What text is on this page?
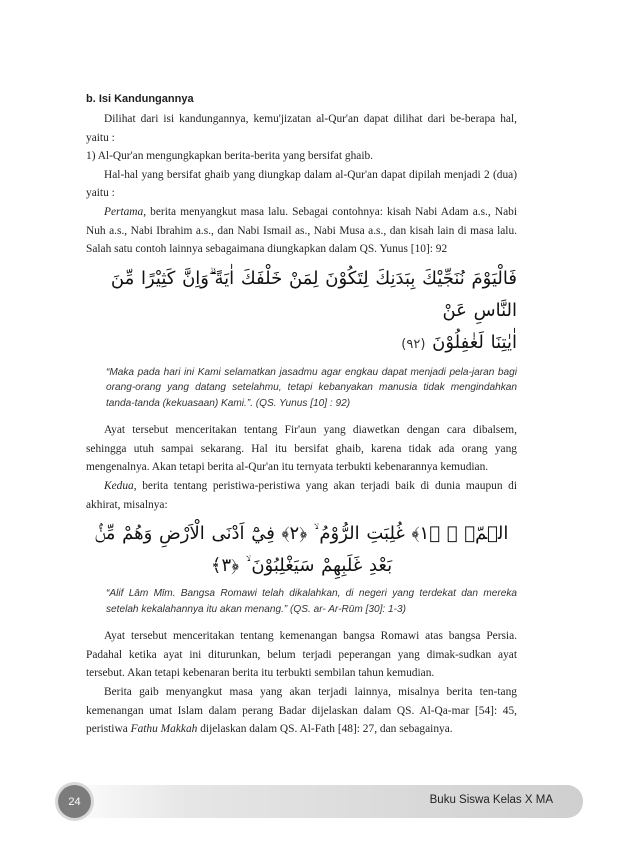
b. Isi Kandungannya

Dilihat dari isi kandungannya, kemu'jizatan al-Qur'an dapat dilihat dari be-berapa hal, yaitu :

1) Al-Qur'an mengungkapkan berita-berita yang bersifat ghaib.

Hal-hal yang bersifat ghaib yang diungkap dalam al-Qur'an dapat dipilah menjadi 2 (dua) yaitu :

Pertama, berita menyangkut masa lalu. Sebagai contohnya: kisah Nabi Adam a.s., Nabi Nuh a.s., Nabi Ibrahim a.s., dan Nabi Ismail as., Nabi Musa a.s., dan kisah lain di masa lalu. Salah satu contoh lainnya sebagaimana diungkapkan dalam QS. Yunus [10]: 92

فَالْيَوْمَ نُنَجِّيْكَ بِبَدَنِكَ لِتَكُوْنَ لِمَنْ خَلْفَكَ اٰيَةً ۗوَاِنَّ كَثِيْرًا مِّنَ النَّاسِ عَنْ
اٰيٰتِنَا لَغٰفِلُوْنَ (٩٢)
“Maka pada hari ini Kami selamatkan jasadmu agar engkau dapat menjadi pela-jaran bagi orang-orang yang datang setelahmu, tetapi kebanyakan manusia tidak mengindahkan tanda-tanda (kekuasaan) Kami.”. (QS. Yunus [10] : 92)

Ayat tersebut menceritakan tentang Fir'aun yang diawetkan dengan cara dibalsem, sehingga utuh sampai sekarang. Hal itu bersifat ghaib, karena tidak ada orang yang mengenalnya. Akan tetapi berita al-Qur'an itu ternyata terbukti kebenarannya kemudian.

Kedua, berita tentang peristiwa-peristiwa yang akan terjadi baik di dunia maupun di akhirat, misalnya:

الۤمّۤ ۚ ﴿١﴾ غُلِبَتِ الرُّوْمُ ۙ ﴿٢﴾ فِيْٓ اَدْنَى الْاَرْضِ وَهُمْ مِّنْۢ بَعْدِ غَلَبِهِمْ سَيَغْلِبُوْنَ ۙ ﴿٣﴾
“Alif Lām Mīm. Bangsa Romawi telah dikalahkan, di negeri yang terdekat dan mereka setelah kekalahannya itu akan menang.” (QS. ar- Ar-Rūm [30]: 1-3)

Ayat tersebut menceritakan tentang kemenangan bangsa Romawi atas bangsa Persia. Padahal ketika ayat ini diturunkan, belum terjadi peperangan yang dimak-sudkan ayat tersebut. Akan tetapi kebenaran berita itu terbukti sembilan tahun kemudian.

Berita gaib menyangkut masa yang akan terjadi lainnya, misalnya berita ten-tang kemenangan umat Islam dalam perang Badar dijelaskan dalam QS. Al-Qa-mar [54]: 45, peristiwa Fathu Makkah dijelaskan dalam QS. Al-Fath [48]: 27, dan sebagainya.

24	Buku Siswa Kelas X MA
